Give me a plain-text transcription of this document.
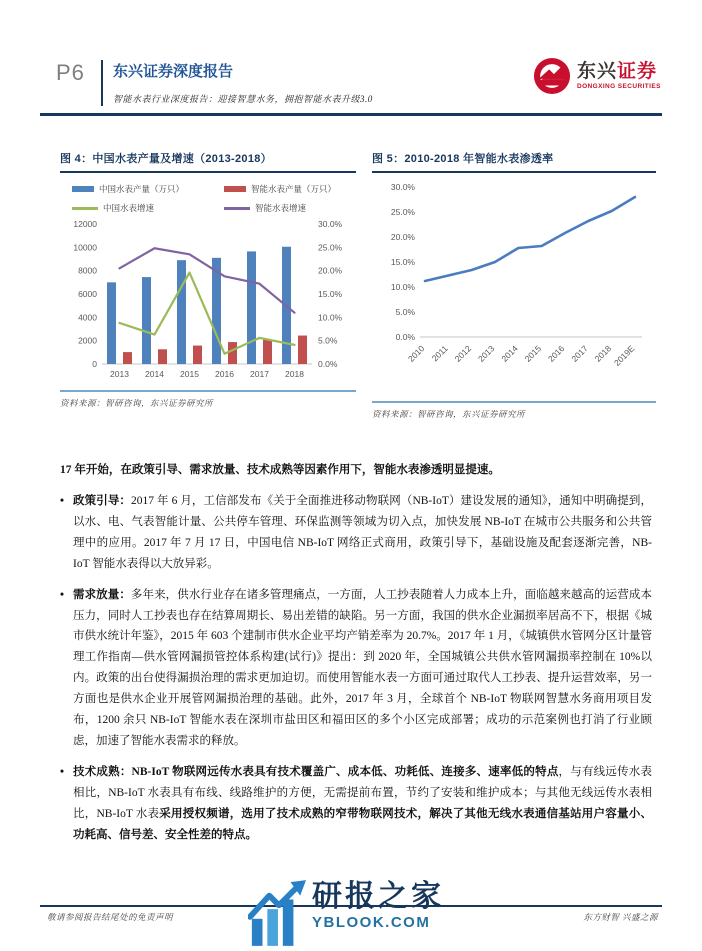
P6 东兴证券深度报告
智能水表行业深度报告：迎接智慧水务，拥抱智能水表升级3.0
东兴证券
DONGXING SECURITIES
图 4：中国水表产量及增速（2013-2018）
中国水表产量（万只）	智能水表产量（万只）
中国水表增速	智能水表增速
0
2000
4000
6000
8000
10000
12000
0.0%
5.0%
10.0%
15.0%
20.0%
25.0%
30.0%
2013 2014 2015 2016 2017 2018
资料来源：智研咨询，东兴证券研究所
图 5：2010-2018 年智能水表渗透率
0.0%
5.0%
10.0%
15.0%
20.0%
25.0%
30.0%
2010 2011 2012 2013 2014 2015 2016 2017 2018
2019E
资料来源：智研咨询，东兴证券研究所
17 年开始，在政策引导、需求放量、技术成熟等因素作用下，智能水表渗透明显提速。
• 政策引导：2017 年 6 月，工信部发布《关于全面推进移动物联网（NB-IoT）建设发展的通知》，通知中明确提到，以水、电、气表智能计量、公共停车管理、环保监测等领域为切入点，加快发展 NB-IoT 在城市公共服务和公共管理中的应用。2017 年 7 月 17 日，中国电信 NB-IoT 网络正式商用，政策引导下，基础设施及配套逐渐完善，NB-IoT 智能水表得以大放异彩。
• 需求放量：多年来，供水行业存在诸多管理痛点，一方面，人工抄表随着人力成本上升，面临越来越高的运营成本压力，同时人工抄表也存在结算周期长、易出差错的缺陷。另一方面，我国的供水企业漏损率居高不下，根据《城市供水统计年鉴》，2015 年 603 个建制市供水企业平均产销差率为 20.7%。2017 年 1 月，《城镇供水管网分区计量管理工作指南—供水管网漏损管控体系构建(试行)》提出：到 2020 年，全国城镇公共供水管网漏损率控制在 10%以内。政策的出台使得漏损治理的需求更加迫切。而使用智能水表一方面可通过取代人工抄表、提升运营效率，另一方面也是供水企业开展管网漏损治理的基础。此外，2017 年 3 月，全球首个 NB-IoT 物联网智慧水务商用项目发布，1200 余只 NB-IoT 智能水表在深圳市盐田区和福田区的多个小区完成部署；成功的示范案例也打消了行业顾虑，加速了智能水表需求的释放。
• 技术成熟：NB-IoT 物联网远传水表具有技术覆盖广、成本低、功耗低、连接多、速率低的特点，与有线远传水表相比，NB-IoT 水表具有布线、线路维护的方便，无需提前布置，节约了安装和维护成本；与其他无线远传水表相比，NB-IoT 水表采用授权频谱，选用了技术成熟的窄带物联网技术，解决了其他无线水表通信基站用户容量小、功耗高、信号差、安全性差的特点。
敬请参阅报告结尾处的免责声明	东方财智 兴盛之源
研报之家
YBLOOK.COM
